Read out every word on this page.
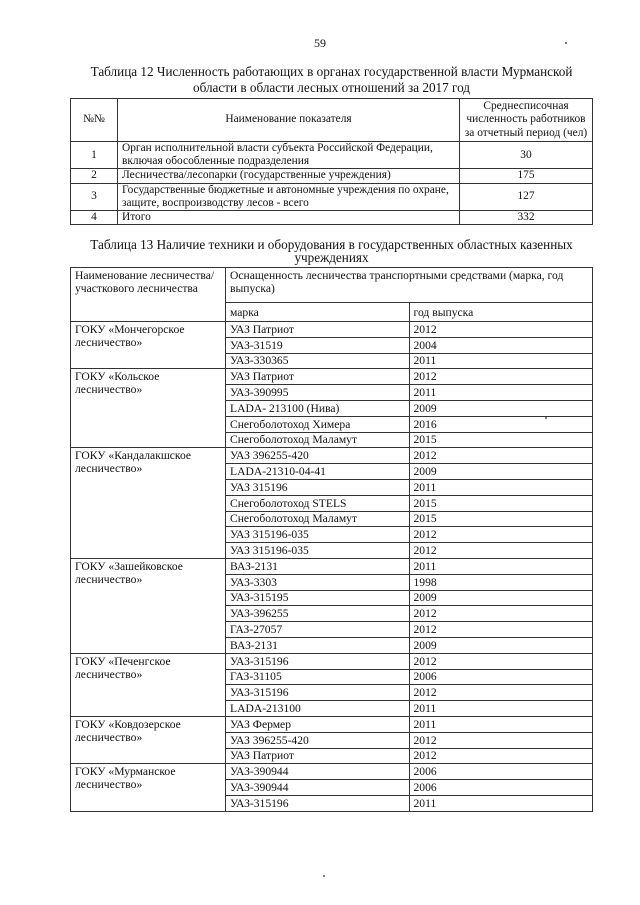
59
Таблица 12 Численность работающих в органах государственной власти Мурманской области в области лесных отношений за 2017 год
№№	Наименование показателя	Среднесписочная численность работников за отчетный период (чел)
1	Орган исполнительной власти субъекта Российской Федерации, включая обособленные подразделения	30
2	Лесничества/лесопарки (государственные учреждения)	175
3	Государственные бюджетные и автономные учреждения по охране, защите, воспроизводству лесов - всего	127
4	Итого	332
Таблица 13 Наличие техники и оборудования в государственных областных казенных учреждениях
Наименование лесничества/участкового лесничества	Оснащенность лесничества транспортными средствами (марка, год выпуска)	
	марка	год выпуска
ГОКУ «Мончегорское лесничество»	УАЗ Патриот	2012
	УАЗ-31519	2004
	УАЗ-330365	2011
ГОКУ «Кольское лесничество»	УАЗ Патриот	2012
	УАЗ-390995	2011
	LADA- 213100 (Нива)	2009
	Снегоболотоход Химера	2016
	Снегоболотоход Маламут	2015
ГОКУ «Кандалакшское лесничество»	УАЗ 396255-420	2012
	LADA-21310-04-41	2009
	УАЗ 315196	2011
	Снегоболотоход STELS	2015
	Снегоболотоход Маламут	2015
	УАЗ 315196-035	2012
	УАЗ 315196-035	2012
ГОКУ «Зашейковское лесничество»	ВАЗ-2131	2011
	УАЗ-3303	1998
	УАЗ-315195	2009
	УАЗ-396255	2012
	ГАЗ-27057	2012
	ВАЗ-2131	2009
ГОКУ «Печенгское лесничество»	УАЗ-315196	2012
	ГАЗ-31105	2006
	УАЗ-315196	2012
	LADA-213100	2011
ГОКУ «Ковдозерское лесничество»	УАЗ Фермер	2011
	УАЗ 396255-420	2012
	УАЗ Патриот	2012
ГОКУ «Мурманское лесничество»	УАЗ-390944	2006
	УАЗ-390944	2006
	УАЗ-315196	2011
